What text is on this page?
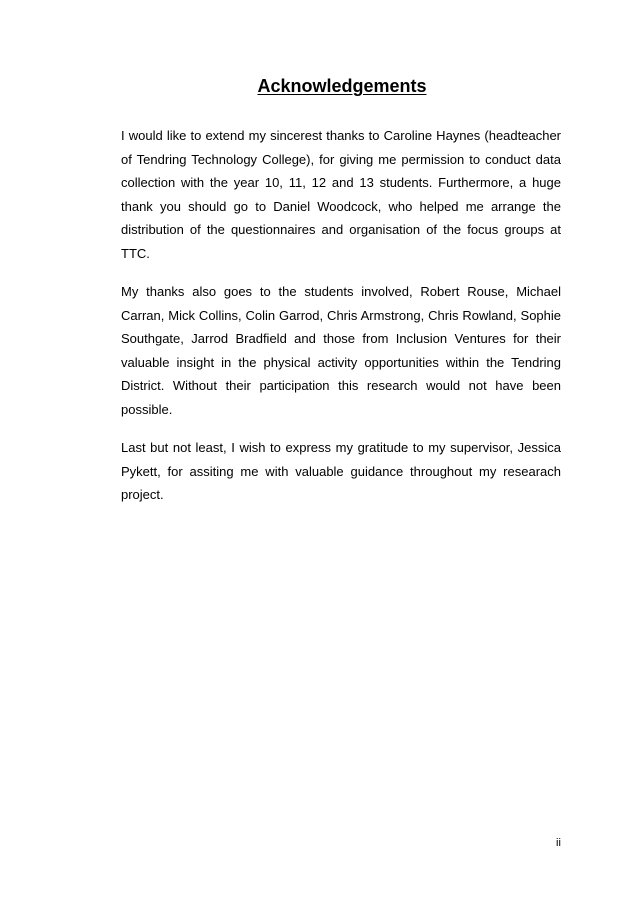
Acknowledgements

I would like to extend my sincerest thanks to Caroline Haynes (headteacher of Tendring Technology College), for giving me permission to conduct data collection with the year 10, 11, 12 and 13 students. Furthermore, a huge thank you should go to Daniel Woodcock, who helped me arrange the distribution of the questionnaires and organisation of the focus groups at TTC.

My thanks also goes to the students involved, Robert Rouse, Michael Carran, Mick Collins, Colin Garrod, Chris Armstrong, Chris Rowland, Sophie Southgate, Jarrod Bradfield and those from Inclusion Ventures for their valuable insight in the physical activity opportunities within the Tendring District. Without their participation this research would not have been possible.

Last but not least, I wish to express my gratitude to my supervisor, Jessica Pykett, for assiting me with valuable guidance throughout my researach project.

ii
